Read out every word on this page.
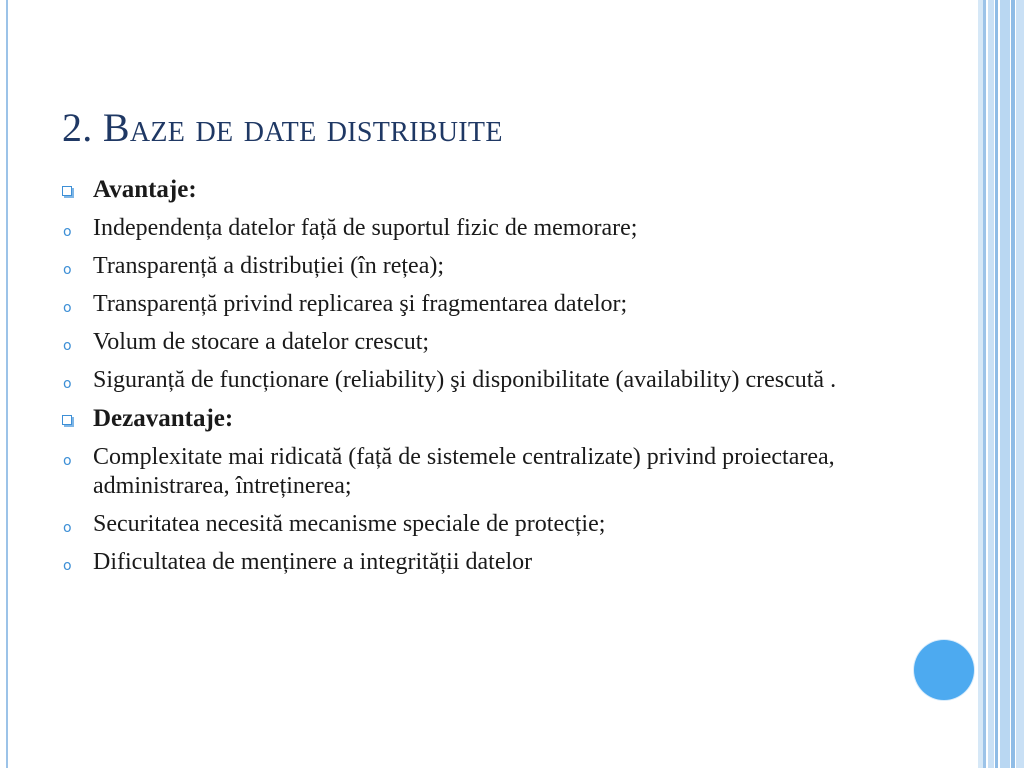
2. Baze de date distribuite
Avantaje:
o Independența datelor față de suportul fizic de memorare;
o Transparență a distribuției (în rețea);
o Transparență privind replicarea şi fragmentarea datelor;
o Volum de stocare a datelor crescut;
o Siguranță de funcționare (reliability) şi disponibilitate (availability) crescută .
Dezavantaje:
o Complexitate mai ridicată (față de sistemele centralizate) privind proiectarea, administrarea, întreținerea;
o Securitatea necesită mecanisme speciale de protecție;
o Dificultatea de menținere a integrității datelor
